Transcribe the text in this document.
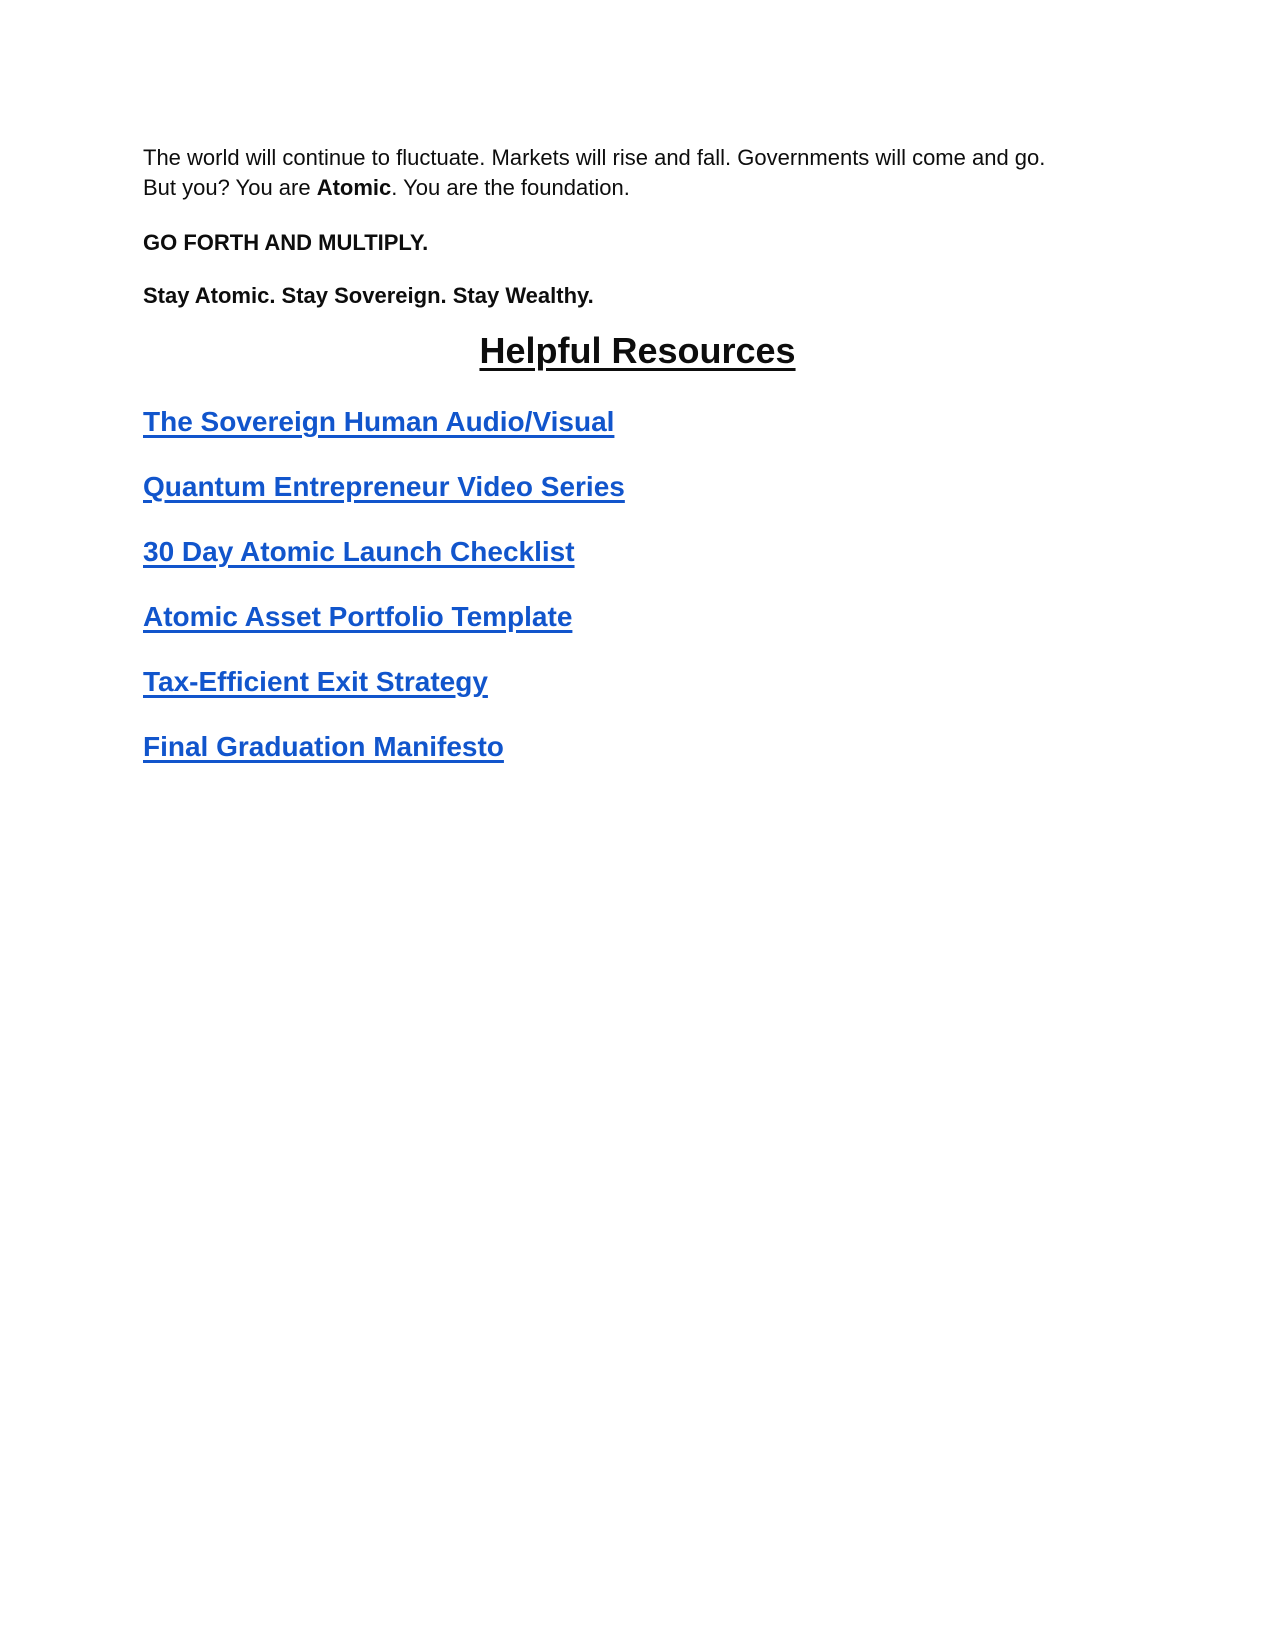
The world will continue to fluctuate. Markets will rise and fall. Governments will come and go.
But you? You are Atomic. You are the foundation.

GO FORTH AND MULTIPLY.

Stay Atomic. Stay Sovereign. Stay Wealthy.

Helpful Resources

The Sovereign Human Audio/Visual

Quantum Entrepreneur Video Series

30 Day Atomic Launch Checklist

Atomic Asset Portfolio Template

Tax-Efficient Exit Strategy

Final Graduation Manifesto
